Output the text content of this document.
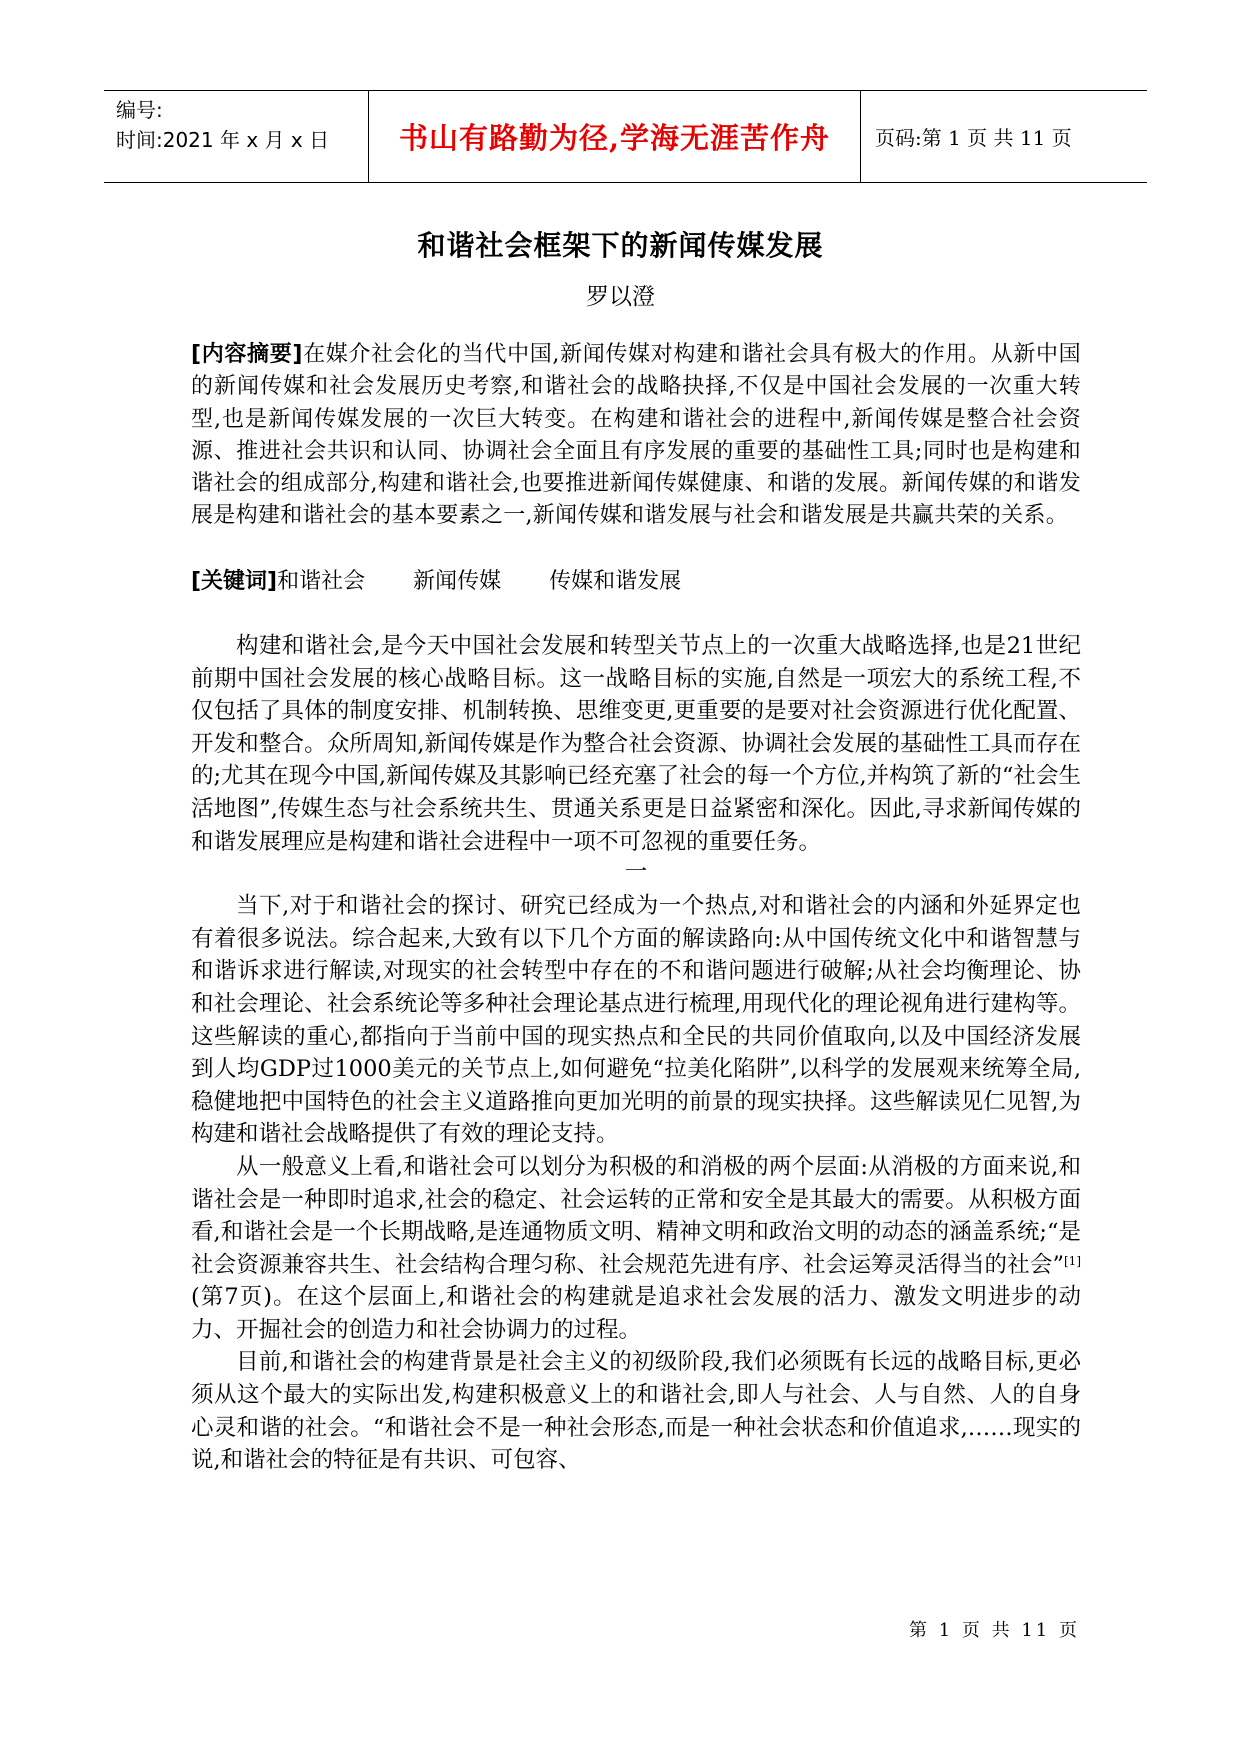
编号:
时间:2021 年 x 月 x 日	书山有路勤为径,学海无涯苦作舟	页码:第 1 页 共 11 页
和谐社会框架下的新闻传媒发展
罗以澄
[内容摘要]在媒介社会化的当代中国,新闻传媒对构建和谐社会具有极大的作用。从新中国的新闻传媒和社会发展历史考察,和谐社会的战略抉择,不仅是中国社会发展的一次重大转型,也是新闻传媒发展的一次巨大转变。在构建和谐社会的进程中,新闻传媒是整合社会资源、推进社会共识和认同、协调社会全面且有序发展的重要的基础性工具;同时也是构建和谐社会的组成部分,构建和谐社会,也要推进新闻传媒健康、和谐的发展。新闻传媒的和谐发展是构建和谐社会的基本要素之一,新闻传媒和谐发展与社会和谐发展是共赢共荣的关系。
[关键词]和谐社会 新闻传媒 传媒和谐发展

构建和谐社会,是今天中国社会发展和转型关节点上的一次重大战略选择,也是21世纪前期中国社会发展的核心战略目标。这一战略目标的实施,自然是一项宏大的系统工程,不仅包括了具体的制度安排、机制转换、思维变更,更重要的是要对社会资源进行优化配置、开发和整合。众所周知,新闻传媒是作为整合社会资源、协调社会发展的基础性工具而存在的;尤其在现今中国,新闻传媒及其影响已经充塞了社会的每一个方位,并构筑了新的“社会生活地图”,传媒生态与社会系统共生、贯通关系更是日益紧密和深化。因此,寻求新闻传媒的和谐发展理应是构建和谐社会进程中一项不可忽视的重要任务。

一

当下,对于和谐社会的探讨、研究已经成为一个热点,对和谐社会的内涵和外延界定也有着很多说法。综合起来,大致有以下几个方面的解读路向:从中国传统文化中和谐智慧与和谐诉求进行解读,对现实的社会转型中存在的不和谐问题进行破解;从社会均衡理论、协和社会理论、社会系统论等多种社会理论基点进行梳理,用现代化的理论视角进行建构等。这些解读的重心,都指向于当前中国的现实热点和全民的共同价值取向,以及中国经济发展到人均GDP过1000美元的关节点上,如何避免“拉美化陷阱”,以科学的发展观来统筹全局,稳健地把中国特色的社会主义道路推向更加光明的前景的现实抉择。这些解读见仁见智,为构建和谐社会战略提供了有效的理论支持。

从一般意义上看,和谐社会可以划分为积极的和消极的两个层面:从消极的方面来说,和谐社会是一种即时追求,社会的稳定、社会运转的正常和安全是其最大的需要。从积极方面看,和谐社会是一个长期战略,是连通物质文明、精神文明和政治文明的动态的涵盖系统;“是社会资源兼容共生、社会结构合理匀称、社会规范先进有序、社会运筹灵活得当的社会”[1](第7页)。在这个层面上,和谐社会的构建就是追求社会发展的活力、激发文明进步的动力、开掘社会的创造力和社会协调力的过程。

目前,和谐社会的构建背景是社会主义的初级阶段,我们必须既有长远的战略目标,更必须从这个最大的实际出发,构建积极意义上的和谐社会,即人与社会、人与自然、人的自身心灵和谐的社会。“和谐社会不是一种社会形态,而是一种社会状态和价值追求,……现实的说,和谐社会的特征是有共识、可包容、

第 1 页 共 11 页
